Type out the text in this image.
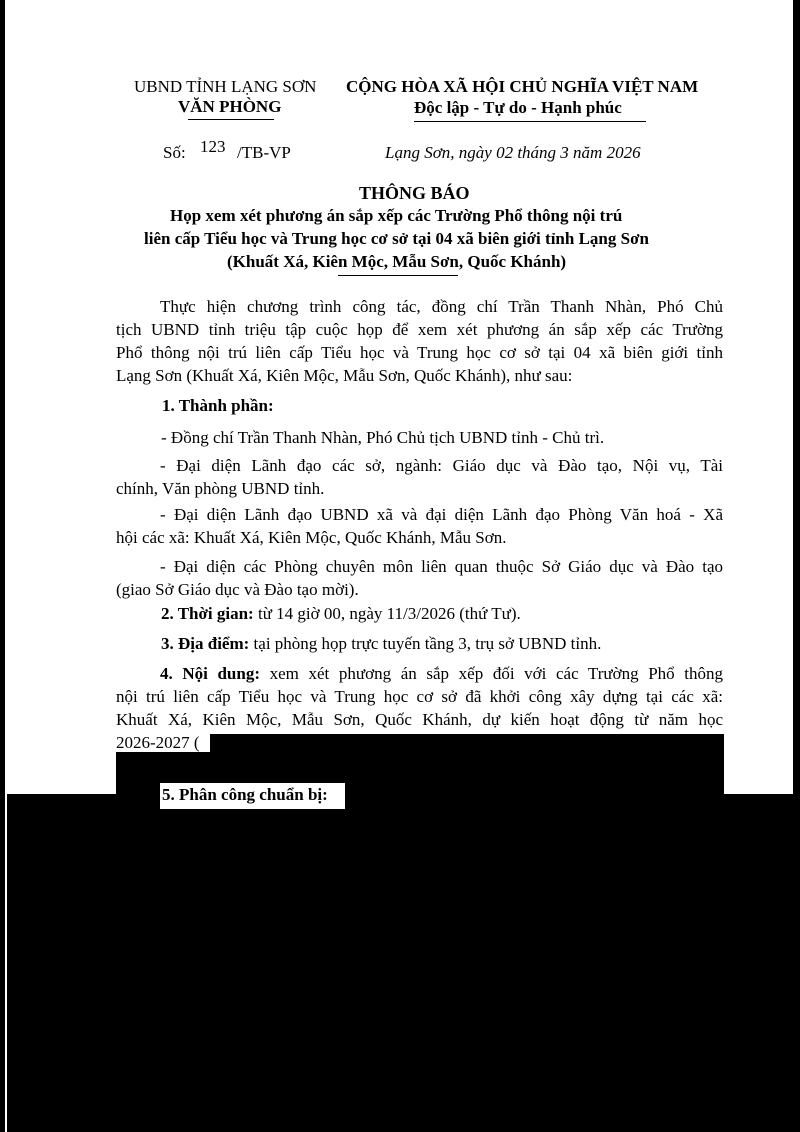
UBND TỈNH LẠNG SƠN
VĂN PHÒNG
CỘNG HÒA XÃ HỘI CHỦ NGHĨA VIỆT NAM
Độc lập - Tự do - Hạnh phúc
Số: 123 /TB-VP	Lạng Sơn, ngày 02 tháng 3 năm 2026
THÔNG BÁO
Họp xem xét phương án sắp xếp các Trường Phổ thông nội trú
liên cấp Tiểu học và Trung học cơ sở tại 04 xã biên giới tỉnh Lạng Sơn
(Khuất Xá, Kiên Mộc, Mẫu Sơn, Quốc Khánh)
Thực hiện chương trình công tác, đồng chí Trần Thanh Nhàn, Phó Chủ
tịch UBND tỉnh triệu tập cuộc họp để xem xét phương án sắp xếp các Trường
Phổ thông nội trú liên cấp Tiểu học và Trung học cơ sở tại 04 xã biên giới tỉnh
Lạng Sơn (Khuất Xá, Kiên Mộc, Mẫu Sơn, Quốc Khánh), như sau:
1. Thành phần:
- Đồng chí Trần Thanh Nhàn, Phó Chủ tịch UBND tỉnh - Chủ trì.
- Đại diện Lãnh đạo các sở, ngành: Giáo dục và Đào tạo, Nội vụ, Tài
chính, Văn phòng UBND tỉnh.
- Đại diện Lãnh đạo UBND xã và đại diện Lãnh đạo Phòng Văn hoá - Xã
hội các xã: Khuất Xá, Kiên Mộc, Quốc Khánh, Mẫu Sơn.
- Đại diện các Phòng chuyên môn liên quan thuộc Sở Giáo dục và Đào tạo
(giao Sở Giáo dục và Đào tạo mời).
2. Thời gian: từ 14 giờ 00, ngày 11/3/2026 (thứ Tư).
3. Địa điểm: tại phòng họp trực tuyến tầng 3, trụ sở UBND tỉnh.
4. Nội dung: xem xét phương án sắp xếp đối với các Trường Phổ thông
nội trú liên cấp Tiểu học và Trung học cơ sở đã khởi công xây dựng tại các xã:
Khuất Xá, Kiên Mộc, Mẫu Sơn, Quốc Khánh, dự kiến hoạt động từ năm học
2026-2027 (
5. Phân công chuẩn bị:
